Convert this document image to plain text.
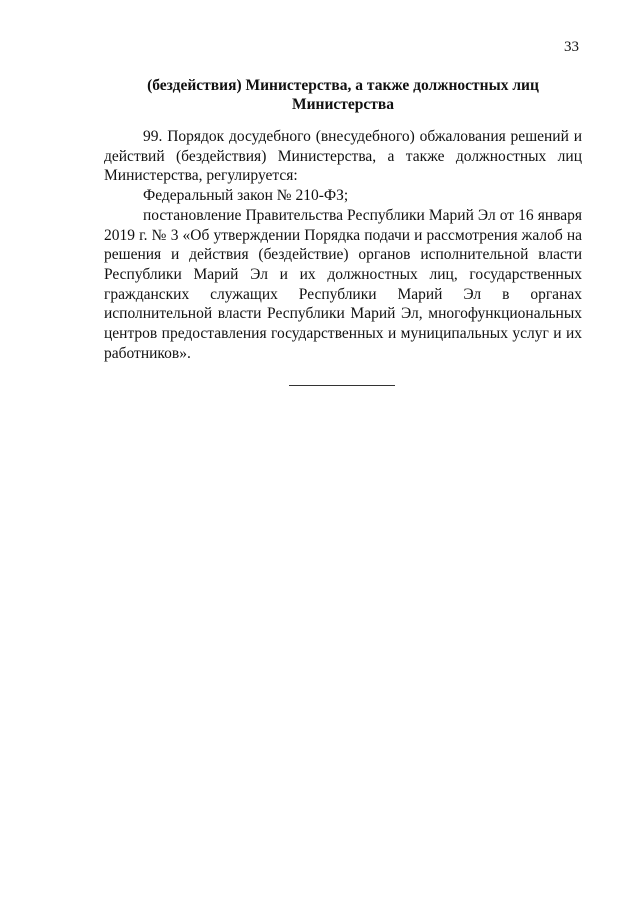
33
(бездействия) Министерства, а также должностных лиц
Министерства

99. Порядок досудебного (внесудебного) обжалования решений и действий (бездействия) Министерства, а также должностных лиц Министерства, регулируется:

Федеральный закон № 210-ФЗ;

постановление Правительства Республики Марий Эл от 16 января 2019 г. № 3 «Об утверждении Порядка подачи и рассмотрения жалоб на решения и действия (бездействие) органов исполнительной власти Республики Марий Эл и их должностных лиц, государственных гражданских служащих Республики Марий Эл в органах исполнительной власти Республики Марий Эл, многофункциональных центров предоставления государственных и муниципальных услуг и их работников».
